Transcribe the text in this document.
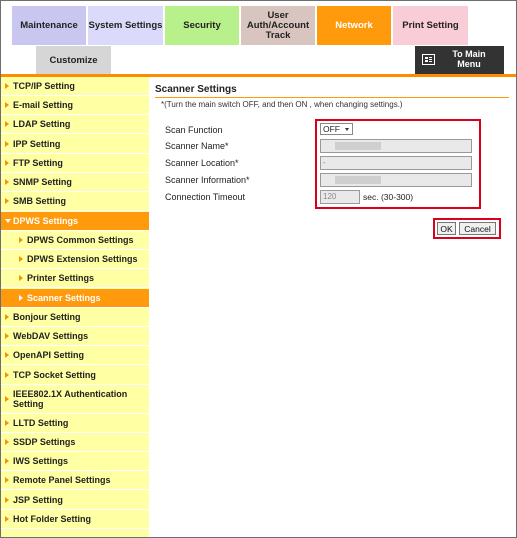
Maintenance System Settings Security
User
Auth/Account
Track
Network	Print Setting
Customize
To Main
Menu
TCP/IP Setting
E-mail Setting
LDAP Setting
IPP Setting
FTP Setting
SNMP Setting
SMB Setting
DPWS Settings
DPWS Common Settings
DPWS Extension Settings
Printer Settings
Scanner Settings
Bonjour Setting
WebDAV Settings
OpenAPI Setting
TCP Socket Setting
IEEE802.1X Authentication Setting
LLTD Setting
SSDP Settings
IWS Settings
Remote Panel Settings
JSP Setting
Hot Folder Setting
Scanner Settings
*(Turn the main switch OFF, and then ON , when changing settings.)
Scan Function	OFF
Scanner Name*
Scanner Location*	-
Scanner Information*
Connection Timeout	120	sec. (30-300)
OK	Cancel
